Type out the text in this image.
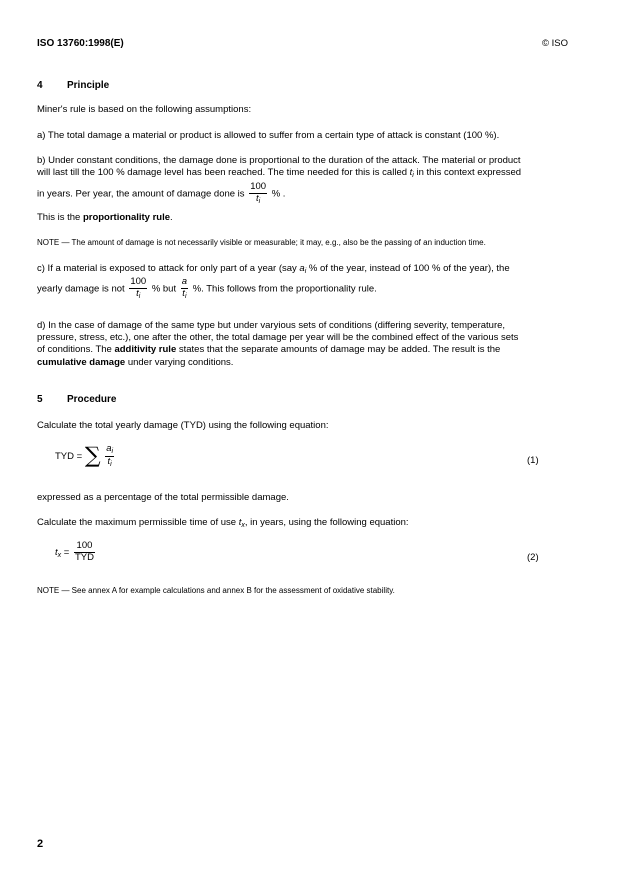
ISO 13760:1998(E)	© ISO
4 Principle
Miner's rule is based on the following assumptions:
a) The total damage a material or product is allowed to suffer from a certain type of attack is constant (100 %).
b) Under constant conditions, the damage done is proportional to the duration of the attack. The material or product
will last till the 100 % damage level has been reached. The time needed for this is called $t_i$ in this context expressed
in years. Per year, the amount of damage done is $\frac{100}{t_i}$ % .
This is the proportionality rule.
NOTE — The amount of damage is not necessarily visible or measurable; it may, e.g., also be the passing of an induction time.
c) If a material is exposed to attack for only part of a year (say $a_i$ % of the year, instead of 100 % of the year), the
yearly damage is not $\frac{100}{t_i}$ % but $\frac{a}{t_i}$ %. This follows from the proportionality rule.
d) In the case of damage of the same type but under varyious sets of conditions (differing severity, temperature,
pressure, stress, etc.), one after the other, the total damage per year will be the combined effect of the various sets
of conditions. The additivity rule states that the separate amounts of damage may be added. The result is the
cumulative damage under varying conditions.
5 Procedure
Calculate the total yearly damage (TYD) using the following equation:
TYD = ∑ $\frac{a_i}{t_i}$	(1)
expressed as a percentage of the total permissible damage.
Calculate the maximum permissible time of use $t_x$, in years, using the following equation:
$t_x = \frac{100}{\text{TYD}}$	(2)
NOTE — See annex A for example calculations and annex B for the assessment of oxidative stability.
2
